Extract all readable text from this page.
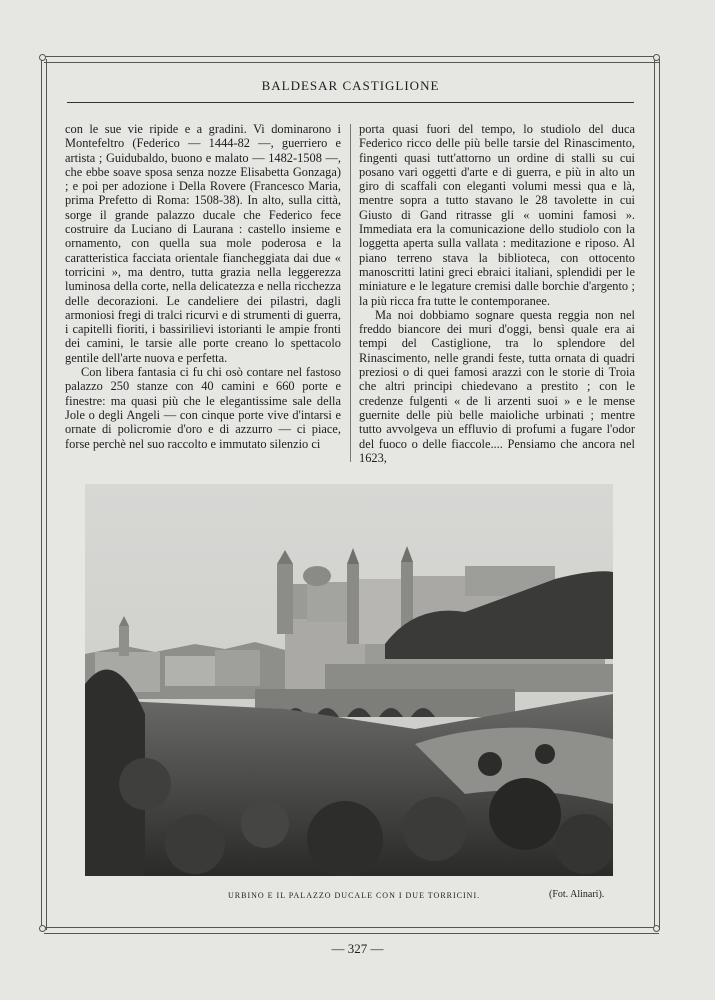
BALDESAR CASTIGLIONE

con le sue vie ripide e a gradini. Vi dominarono i Montefeltro (Federico — 1444-82 —, guerriero e artista ; Guidubaldo, buono e malato — 1482-1508 —, che ebbe soave sposa senza nozze Elisabetta Gonzaga) ; e poi per adozione i Della Rovere (Francesco Maria, prima Prefetto di Roma: 1508-38). In alto, sulla città, sorge il grande palazzo ducale che Federico fece costruire da Luciano di Laurana : castello insieme e ornamento, con quella sua mole poderosa e la caratteristica facciata orientale fiancheggiata dai due « torricini », ma dentro, tutta grazia nella leggerezza luminosa della corte, nella delicatezza e nella ricchezza delle decorazioni. Le candeliere dei pilastri, dagli armoniosi fregi di tralci ricurvi e di strumenti di guerra, i capitelli fioriti, i bassirilievi istorianti le ampie fronti dei camini, le tarsie alle porte creano lo spettacolo gentile dell'arte nuova e perfetta.

Con libera fantasia ci fu chi osò contare nel fastoso palazzo 250 stanze con 40 camini e 660 porte e finestre: ma quasi più che le elegantissime sale della Jole o degli Angeli — con cinque porte vive d'intarsi e ornate di policromie d'oro e di azzurro — ci piace, forse perchè nel suo raccolto e immutato silenzio ci

porta quasi fuori del tempo, lo studiolo del duca Federico ricco delle più belle tarsie del Rinascimento, fingenti quasi tutt'attorno un ordine di stalli su cui posano vari oggetti d'arte e di guerra, e più in alto un giro di scaffali con eleganti volumi messi qua e là, mentre sopra a tutto stavano le 28 tavolette in cui Giusto di Gand ritrasse gli « uomini famosi ». Immediata era la comunicazione dello studiolo con la loggetta aperta sulla vallata : meditazione e riposo. Al piano terreno stava la biblioteca, con ottocento manoscritti latini greci ebraici italiani, splendidi per le miniature e le legature cremisi dalle borchie d'argento ; la più ricca fra tutte le contemporanee.

Ma noi dobbiamo sognare questa reggia non nel freddo biancore dei muri d'oggi, bensì quale era ai tempi del Castiglione, tra lo splendore del Rinascimento, nelle grandi feste, tutta ornata di quadri preziosi o di quei famosi arazzi con le storie di Troia che altri principi chiedevano a prestito ; con le credenze fulgenti « de li arzenti suoi » e le mense guernite delle più belle maioliche urbinati ; mentre tutto avvolgeva un effluvio di profumi a fugare l'odor del fuoco o delle fiaccole.... Pensiamo che ancora nel 1623,

URBINO E IL PALAZZO DUCALE CON I DUE TORRICINI.	(Fot. Alinari).
— 327 —
